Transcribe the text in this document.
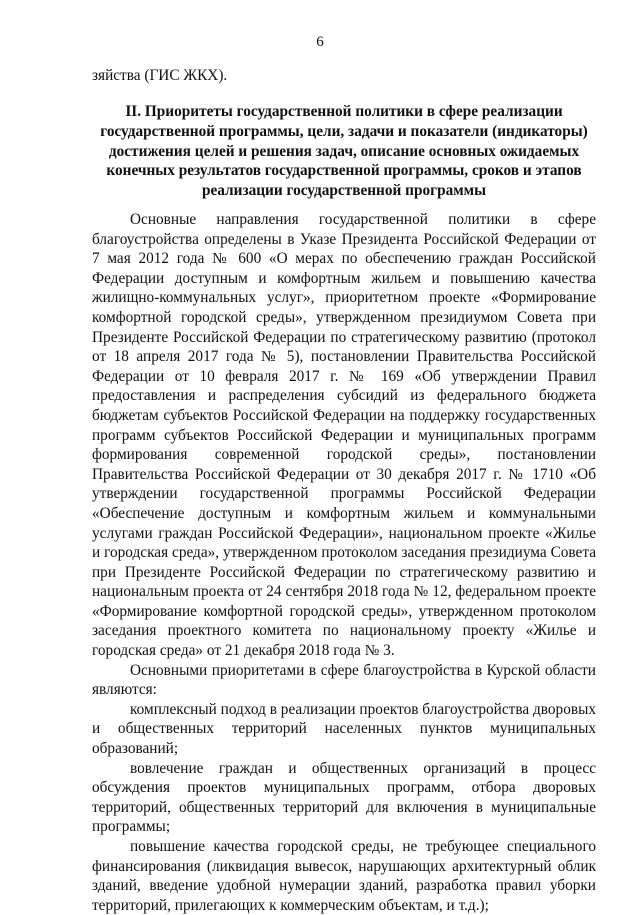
6
зяйства (ГИС ЖКХ).
II. Приоритеты государственной политики в сфере реализации государственной программы, цели, задачи и показатели (индикаторы) достижения целей и решения задач, описание основных ожидаемых конечных результатов государственной программы, сроков и этапов реализации государственной программы

Основные направления государственной политики в сфере благоустройства определены в Указе Президента Российской Федерации от 7 мая 2012 года № 600 «О мерах по обеспечению граждан Российской Федерации доступным и комфортным жильем и повышению качества жилищно-коммунальных услуг», приоритетном проекте «Формирование комфортной городской среды», утвержденном президиумом Совета при Президенте Российской Федерации по стратегическому развитию (протокол от 18 апреля 2017 года № 5), постановлении Правительства Российской Федерации от 10 февраля 2017 г. № 169 «Об утверждении Правил предоставления и распределения субсидий из федерального бюджета бюджетам субъектов Российской Федерации на поддержку государственных программ субъектов Российской Федерации и муниципальных программ формирования современной городской среды», постановлении Правительства Российской Федерации от 30 декабря 2017 г. № 1710 «Об утверждении государственной программы Российской Федерации «Обеспечение доступным и комфортным жильем и коммунальными услугами граждан Российской Федерации», национальном проекте «Жилье и городская среда», утвержденном протоколом заседания президиума Совета при Президенте Российской Федерации по стратегическому развитию и национальным проекта от 24 сентября 2018 года № 12, федеральном проекте «Формирование комфортной городской среды», утвержденном протоколом заседания проектного комитета по национальному проекту «Жилье и городская среда» от 21 декабря 2018 года № 3.

Основными приоритетами в сфере благоустройства в Курской области являются:

комплексный подход в реализации проектов благоустройства дворовых и общественных территорий населенных пунктов муниципальных образований;

вовлечение граждан и общественных организаций в процесс обсуждения проектов муниципальных программ, отбора дворовых территорий, общественных территорий для включения в муниципальные программы;

повышение качества городской среды, не требующее специального финансирования (ликвидация вывесок, нарушающих архитектурный облик зданий, введение удобной нумерации зданий, разработка правил уборки территорий, прилегающих к коммерческим объектам, и т.д.);
